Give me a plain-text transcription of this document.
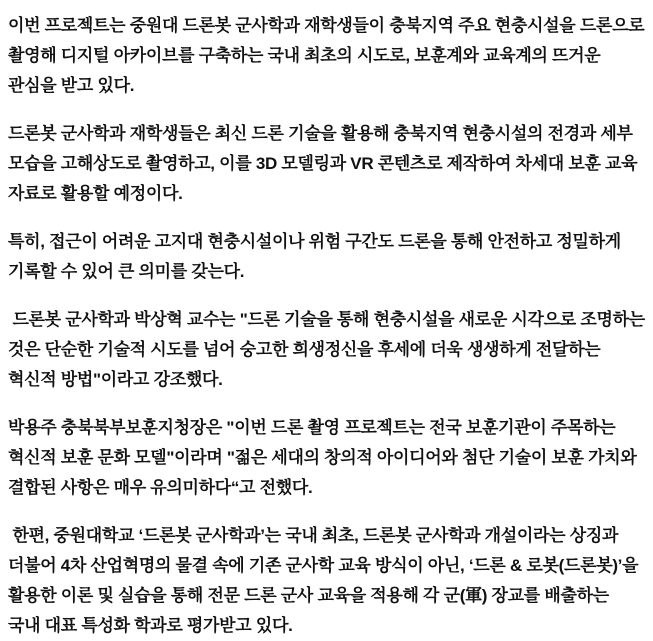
이번 프로젝트는 중원대 드론봇 군사학과 재학생들이 충북지역 주요 현충시설을 드론으로 촬영해 디지털 아카이브를 구축하는 국내 최초의 시도로, 보훈계와 교육계의 뜨거운 관심을 받고 있다.

드론봇 군사학과 재학생들은 최신 드론 기술을 활용해 충북지역 현충시설의 전경과 세부 모습을 고해상도로 촬영하고, 이를 3D 모델링과 VR 콘텐츠로 제작하여 차세대 보훈 교육 자료로 활용할 예정이다.

특히, 접근이 어려운 고지대 현충시설이나 위험 구간도 드론을 통해 안전하고 정밀하게 기록할 수 있어 큰 의미를 갖는다.

드론봇 군사학과 박상혁 교수는 "드론 기술을 통해 현충시설을 새로운 시각으로 조명하는 것은 단순한 기술적 시도를 넘어 숭고한 희생정신을 후세에 더욱 생생하게 전달하는 혁신적 방법"이라고 강조했다.

박용주 충북북부보훈지청장은 "이번 드론 촬영 프로젝트는 전국 보훈기관이 주목하는 혁신적 보훈 문화 모델"이라며 "젊은 세대의 창의적 아이디어와 첨단 기술이 보훈 가치와 결합된 사항은 매우 유의미하다“고 전했다.

한편, 중원대학교 ‘드론봇 군사학과’는 국내 최초, 드론봇 군사학과 개설이라는 상징과 더불어 4차 산업혁명의 물결 속에 기존 군사학 교육 방식이 아닌, ‘드론 & 로봇(드론봇)’을 활용한 이론 및 실습을 통해 전문 드론 군사 교육을 적용해 각 군(軍) 장교를 배출하는 국내 대표 특성화 학과로 평가받고 있다.
